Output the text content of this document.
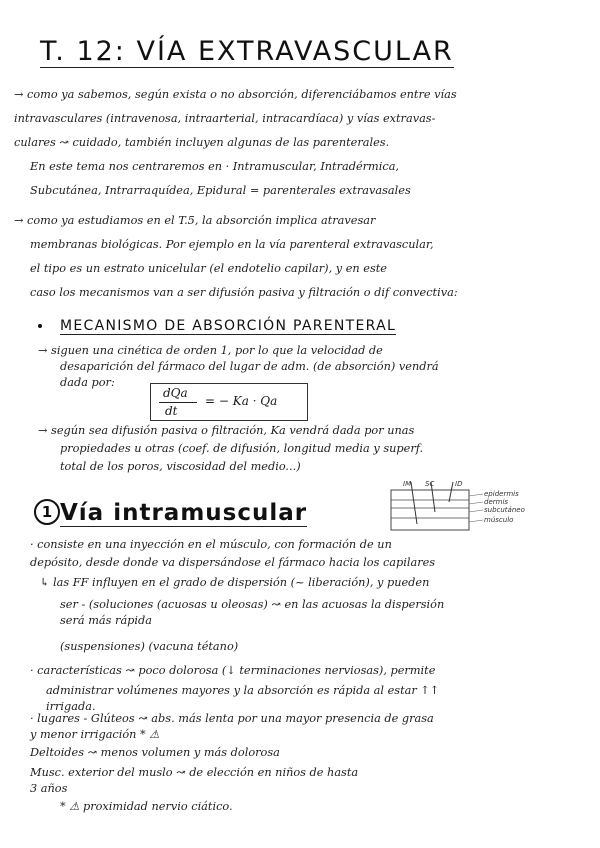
T. 12: VÍA EXTRAVASCULAR
→ como ya sabemos, según exista o no absorción, diferenciábamos entre vías
intravasculares (intravenosa, intraarterial, intracardíaca) y vías extravas-
culares ↝ cuidado, también incluyen algunas de las parenterales.
En este tema nos centraremos en · Intramuscular, Intradérmica,
Subcutánea, Intrarraquídea, Epidural = parenterales extravasales
→ como ya estudiamos en el T.5, la absorción implica atravesar
membranas biológicas. Por ejemplo en la vía parenteral extravascular,
el tipo es un estrato unicelular (el endotelio capilar), y en este
caso los mecanismos van a ser difusión pasiva y filtración o dif convectiva:
MECANISMO DE ABSORCIÓN PARENTERAL
→ siguen una cinética de orden 1, por lo que la velocidad de
desaparición del fármaco del lugar de adm. (de absorción) vendrá
dada por:
dQa
dt
= − Ka · Qa
→ según sea difusión pasiva o filtración, Ka vendrá dada por unas
propiedades u otras (coef. de difusión, longitud media y superf.
total de los poros, viscosidad del medio...)
epidermis
dermis
subcutáneo
músculo
IM SC	ID
1 Vía intramuscular
· consiste en una inyección en el músculo, con formación de un
depósito, desde donde va dispersándose el fármaco hacia los capilares
↳ las FF influyen en el grado de dispersión (~ liberación), y pueden
ser - (soluciones (acuosas u oleosas) ↝ en las acuosas la dispersión
será más rápida
(suspensiones) (vacuna tétano)
· características ↝ poco dolorosa (↓ terminaciones nerviosas), permite
administrar volúmenes mayores y la absorción es rápida al estar ↑↑
irrigada.
· lugares - Glúteos ↝ abs. más lenta por una mayor presencia de grasa
y menor irrigación * ⚠
Deltoides ↝ menos volumen y más dolorosa
Musc. exterior del muslo ↝ de elección en niños de hasta
3 años
* ⚠ proximidad nervio ciático.
